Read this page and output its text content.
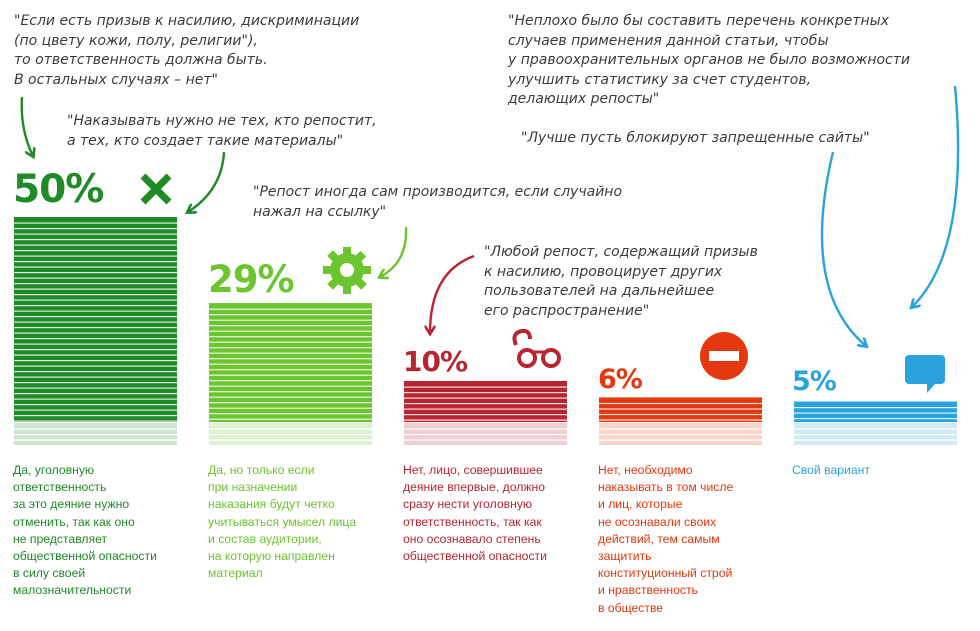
"Если есть призыв к насилию, дискриминации
(по цвету кожи, полу, религии"),
то ответственность должна быть.
В остальных случаях – нет"
"Наказывать нужно не тех, кто репостит,
а тех, кто создает такие материалы"
"Репост иногда сам производится, если случайно
нажал на ссылку"
"Любой репост, содержащий призыв
к насилию, провоцирует других
пользователей на дальнейшее
его распространение"
"Неплохо было бы составить перечень конкретных
случаев применения данной статьи, чтобы
у правоохранительных органов не было возможности
улучшить статистику за счет студентов,
делающих репосты"
"Лучше пусть блокируют запрещенные сайты"
50%
29%
10%
6%	5%
Да, уголовную
ответственность
за это деяние нужно
отменить, так как оно
не представляет
общественной опасности
в силу своей
малозначительности
Да, но только если
при назначении
наказания будут четко
учитываться умысел лица
и состав аудитории,
на которую направлен
материал
Нет, лицо, совершившее
деяние впервые, должно
сразу нести уголовную
ответственность, так как
оно осознавало степень
общественной опасности
Нет, необходимо
наказывать в том числе
и лиц, которые
не осознавали своих
действий, тем самым
защитить
конституционный строй
и нравственность
в обществе
Свой вариант
